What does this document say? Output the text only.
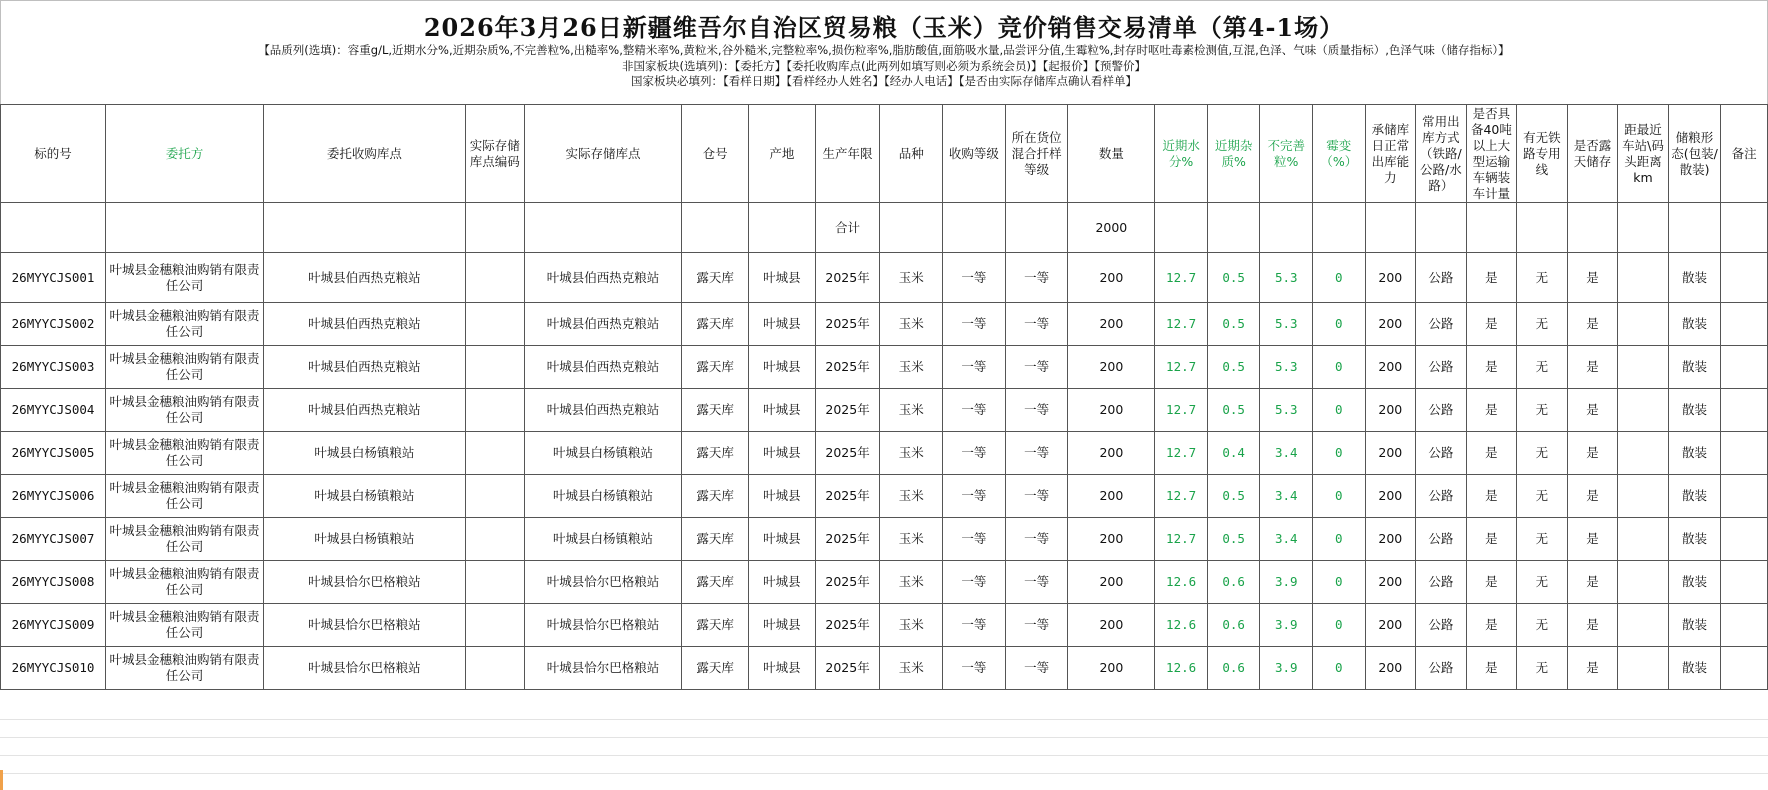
2026年3月26日新疆维吾尔自治区贸易粮（玉米）竞价销售交易清单（第4-1场）
【品质列(选填)：容重g/L,近期水分%,近期杂质%,不完善粒%,出糙率%,整精米率%,黄粒米,谷外糙米,完整粒率%,损伤粒率%,脂肪酸值,面筋吸水量,品尝评分值,生霉粒%,封存时呕吐毒素检测值,互混,色泽、气味（质量指标）,色泽气味（储存指标）】
非国家板块(选填列)：【委托方】【委托收购库点(此两列如填写则必须为系统会员)】【起报价】【预警价】
国家板块必填列：【看样日期】【看样经办人姓名】【经办人电话】【是否由实际存储库点确认看样单】
标的号	委托方	委托收购库点	实际存储库点编码	实际存储库点	仓号	产地	生产年限	品种	收购等级	所在货位混合扦样等级	数量	近期水分%	近期杂质%	不完善粒%	霉变（%）	承储库日正常出库能力	常用出库方式（铁路/公路/水路）	是否具备40吨以上大型运输车辆装车计量	有无铁路专用线	是否露天储存	距最近车站\码头距离km	储粮形态(包装/散装)	备注
							合计				2000												
26MYYCJS001	叶城县金穗粮油购销有限责任公司	叶城县伯西热克粮站		叶城县伯西热克粮站	露天库	叶城县	2025年	玉米	一等	一等	200	12.7	0.5	5.3	0	200	公路	是	无	是		散装	
26MYYCJS002	叶城县金穗粮油购销有限责任公司	叶城县伯西热克粮站		叶城县伯西热克粮站	露天库	叶城县	2025年	玉米	一等	一等	200	12.7	0.5	5.3	0	200	公路	是	无	是		散装	
26MYYCJS003	叶城县金穗粮油购销有限责任公司	叶城县伯西热克粮站		叶城县伯西热克粮站	露天库	叶城县	2025年	玉米	一等	一等	200	12.7	0.5	5.3	0	200	公路	是	无	是		散装	
26MYYCJS004	叶城县金穗粮油购销有限责任公司	叶城县伯西热克粮站		叶城县伯西热克粮站	露天库	叶城县	2025年	玉米	一等	一等	200	12.7	0.5	5.3	0	200	公路	是	无	是		散装	
26MYYCJS005	叶城县金穗粮油购销有限责任公司	叶城县白杨镇粮站		叶城县白杨镇粮站	露天库	叶城县	2025年	玉米	一等	一等	200	12.7	0.4	3.4	0	200	公路	是	无	是		散装	
26MYYCJS006	叶城县金穗粮油购销有限责任公司	叶城县白杨镇粮站		叶城县白杨镇粮站	露天库	叶城县	2025年	玉米	一等	一等	200	12.7	0.5	3.4	0	200	公路	是	无	是		散装	
26MYYCJS007	叶城县金穗粮油购销有限责任公司	叶城县白杨镇粮站		叶城县白杨镇粮站	露天库	叶城县	2025年	玉米	一等	一等	200	12.7	0.5	3.4	0	200	公路	是	无	是		散装	
26MYYCJS008	叶城县金穗粮油购销有限责任公司	叶城县恰尔巴格粮站		叶城县恰尔巴格粮站	露天库	叶城县	2025年	玉米	一等	一等	200	12.6	0.6	3.9	0	200	公路	是	无	是		散装	
26MYYCJS009	叶城县金穗粮油购销有限责任公司	叶城县恰尔巴格粮站		叶城县恰尔巴格粮站	露天库	叶城县	2025年	玉米	一等	一等	200	12.6	0.6	3.9	0	200	公路	是	无	是		散装	
26MYYCJS010	叶城县金穗粮油购销有限责任公司	叶城县恰尔巴格粮站		叶城县恰尔巴格粮站	露天库	叶城县	2025年	玉米	一等	一等	200	12.6	0.6	3.9	0	200	公路	是	无	是		散装	
